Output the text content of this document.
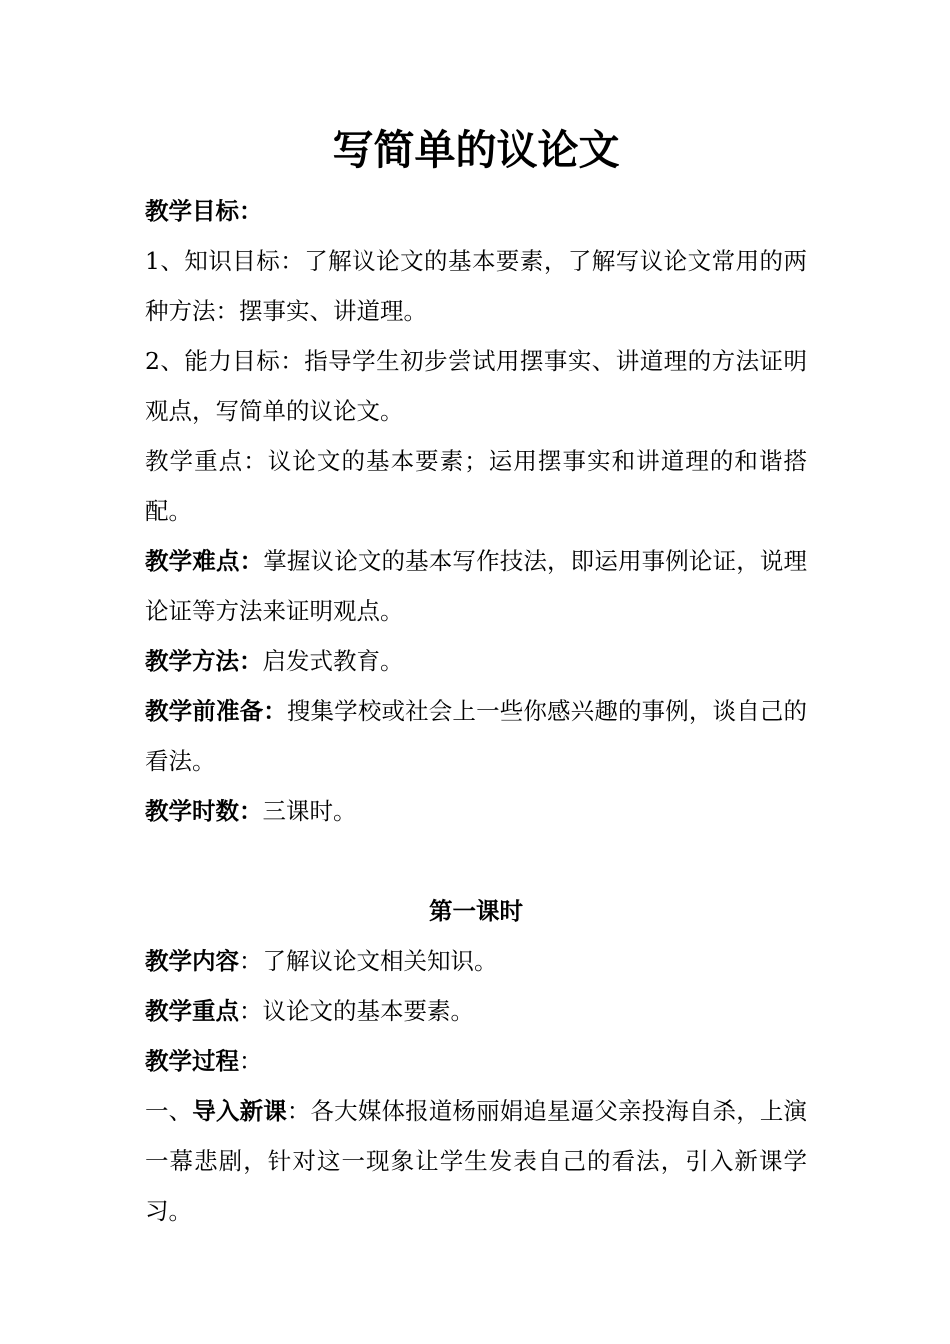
写简单的议论文

教学目标：

1、知识目标：了解议论文的基本要素，了解写议论文常用的两种方法：摆事实、讲道理。

2、能力目标：指导学生初步尝试用摆事实、讲道理的方法证明观点，写简单的议论文。

教学重点：议论文的基本要素；运用摆事实和讲道理的和谐搭配。

教学难点：掌握议论文的基本写作技法，即运用事例论证，说理论证等方法来证明观点。

教学方法：启发式教育。

教学前准备：搜集学校或社会上一些你感兴趣的事例，谈自己的看法。

教学时数：三课时。

第一课时

教学内容：了解议论文相关知识。

教学重点：议论文的基本要素。

教学过程：

一、导入新课：各大媒体报道杨丽娟追星逼父亲投海自杀，上演一幕悲剧，针对这一现象让学生发表自己的看法，引入新课学习。
